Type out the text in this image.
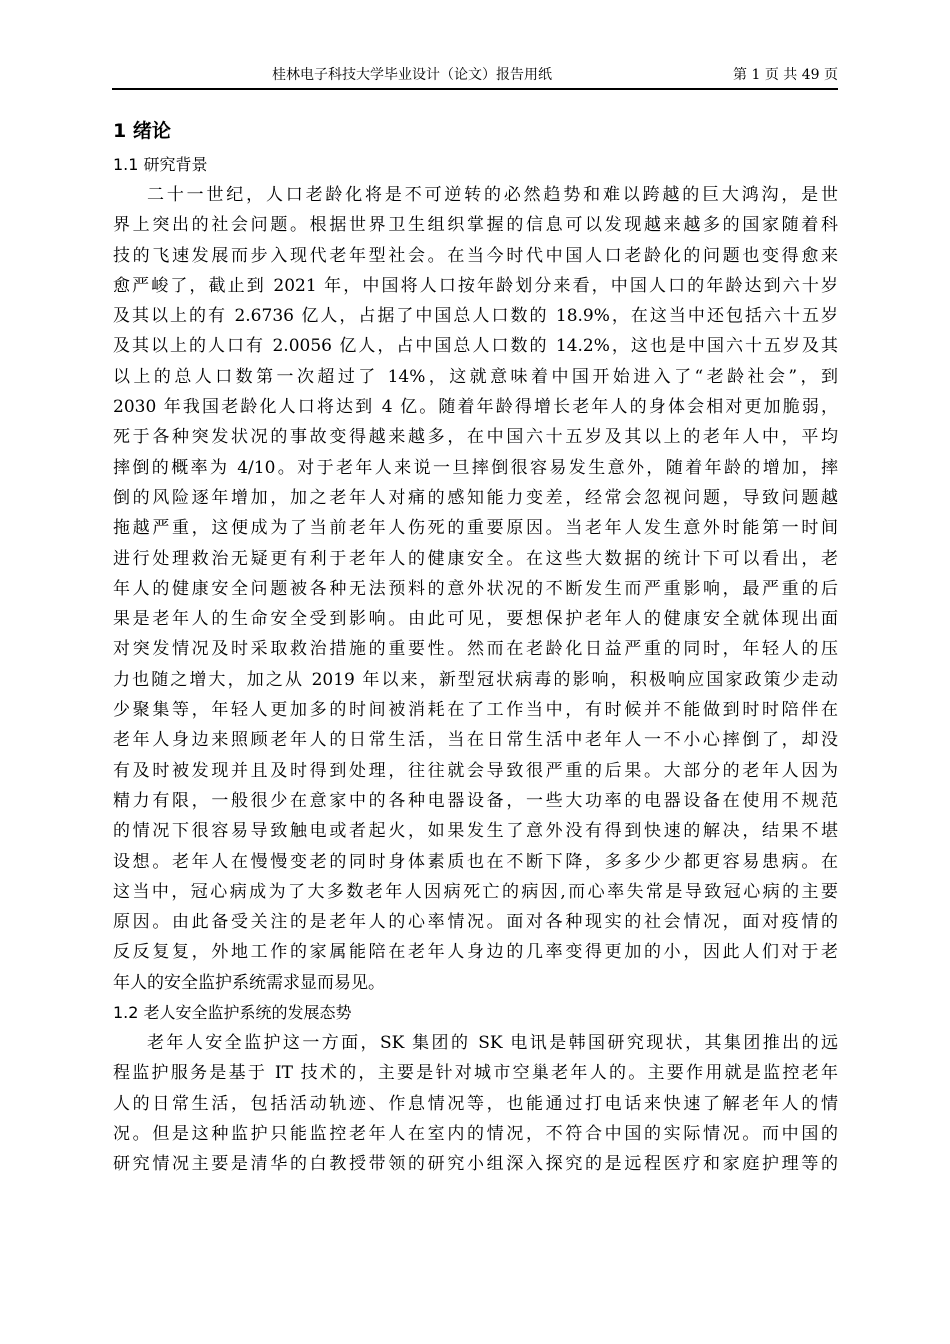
桂林电子科技大学毕业设计（论文）报告用纸	第 1 页 共 49 页
1 绪论
1.1 研究背景
二十一世纪，人口老龄化将是不可逆转的必然趋势和难以跨越的巨大鸿沟，是世
界上突出的社会问题。根据世界卫生组织掌握的信息可以发现越来越多的国家随着科
技的飞速发展而步入现代老年型社会。在当今时代中国人口老龄化的问题也变得愈来
愈严峻了，截止到 2021 年，中国将人口按年龄划分来看，中国人口的年龄达到六十岁
及其以上的有 2.6736 亿人，占据了中国总人口数的 18.9%，在这当中还包括六十五岁
及其以上的人口有 2.0056 亿人，占中国总人口数的 14.2%，这也是中国六十五岁及其
以上的总人口数第一次超过了 14%，这就意味着中国开始进入了“老龄社会”，到
2030 年我国老龄化人口将达到 4 亿。随着年龄得增长老年人的身体会相对更加脆弱，
死于各种突发状况的事故变得越来越多，在中国六十五岁及其以上的老年人中，平均
摔倒的概率为 4/10。对于老年人来说一旦摔倒很容易发生意外，随着年龄的增加，摔
倒的风险逐年增加，加之老年人对痛的感知能力变差，经常会忽视问题，导致问题越
拖越严重，这便成为了当前老年人伤死的重要原因。当老年人发生意外时能第一时间
进行处理救治无疑更有利于老年人的健康安全。在这些大数据的统计下可以看出，老
年人的健康安全问题被各种无法预料的意外状况的不断发生而严重影响，最严重的后
果是老年人的生命安全受到影响。由此可见，要想保护老年人的健康安全就体现出面
对突发情况及时采取救治措施的重要性。然而在老龄化日益严重的同时，年轻人的压
力也随之增大，加之从 2019 年以来，新型冠状病毒的影响，积极响应国家政策少走动
少聚集等，年轻人更加多的时间被消耗在了工作当中，有时候并不能做到时时陪伴在
老年人身边来照顾老年人的日常生活，当在日常生活中老年人一不小心摔倒了，却没
有及时被发现并且及时得到处理，往往就会导致很严重的后果。大部分的老年人因为
精力有限，一般很少在意家中的各种电器设备，一些大功率的电器设备在使用不规范
的情况下很容易导致触电或者起火，如果发生了意外没有得到快速的解决，结果不堪
设想。老年人在慢慢变老的同时身体素质也在不断下降，多多少少都更容易患病。在
这当中，冠心病成为了大多数老年人因病死亡的病因,而心率失常是导致冠心病的主要
原因。由此备受关注的是老年人的心率情况。面对各种现实的社会情况，面对疫情的
反反复复，外地工作的家属能陪在老年人身边的几率变得更加的小，因此人们对于老
年人的安全监护系统需求显而易见。
1.2 老人安全监护系统的发展态势
老年人安全监护这一方面，SK 集团的 SK 电讯是韩国研究现状，其集团推出的远
程监护服务是基于 IT 技术的，主要是针对城市空巢老年人的。主要作用就是监控老年
人的日常生活，包括活动轨迹、作息情况等，也能通过打电话来快速了解老年人的情
况。但是这种监护只能监控老年人在室内的情况，不符合中国的实际情况。而中国的
研究情况主要是清华的白教授带领的研究小组深入探究的是远程医疗和家庭护理等的
